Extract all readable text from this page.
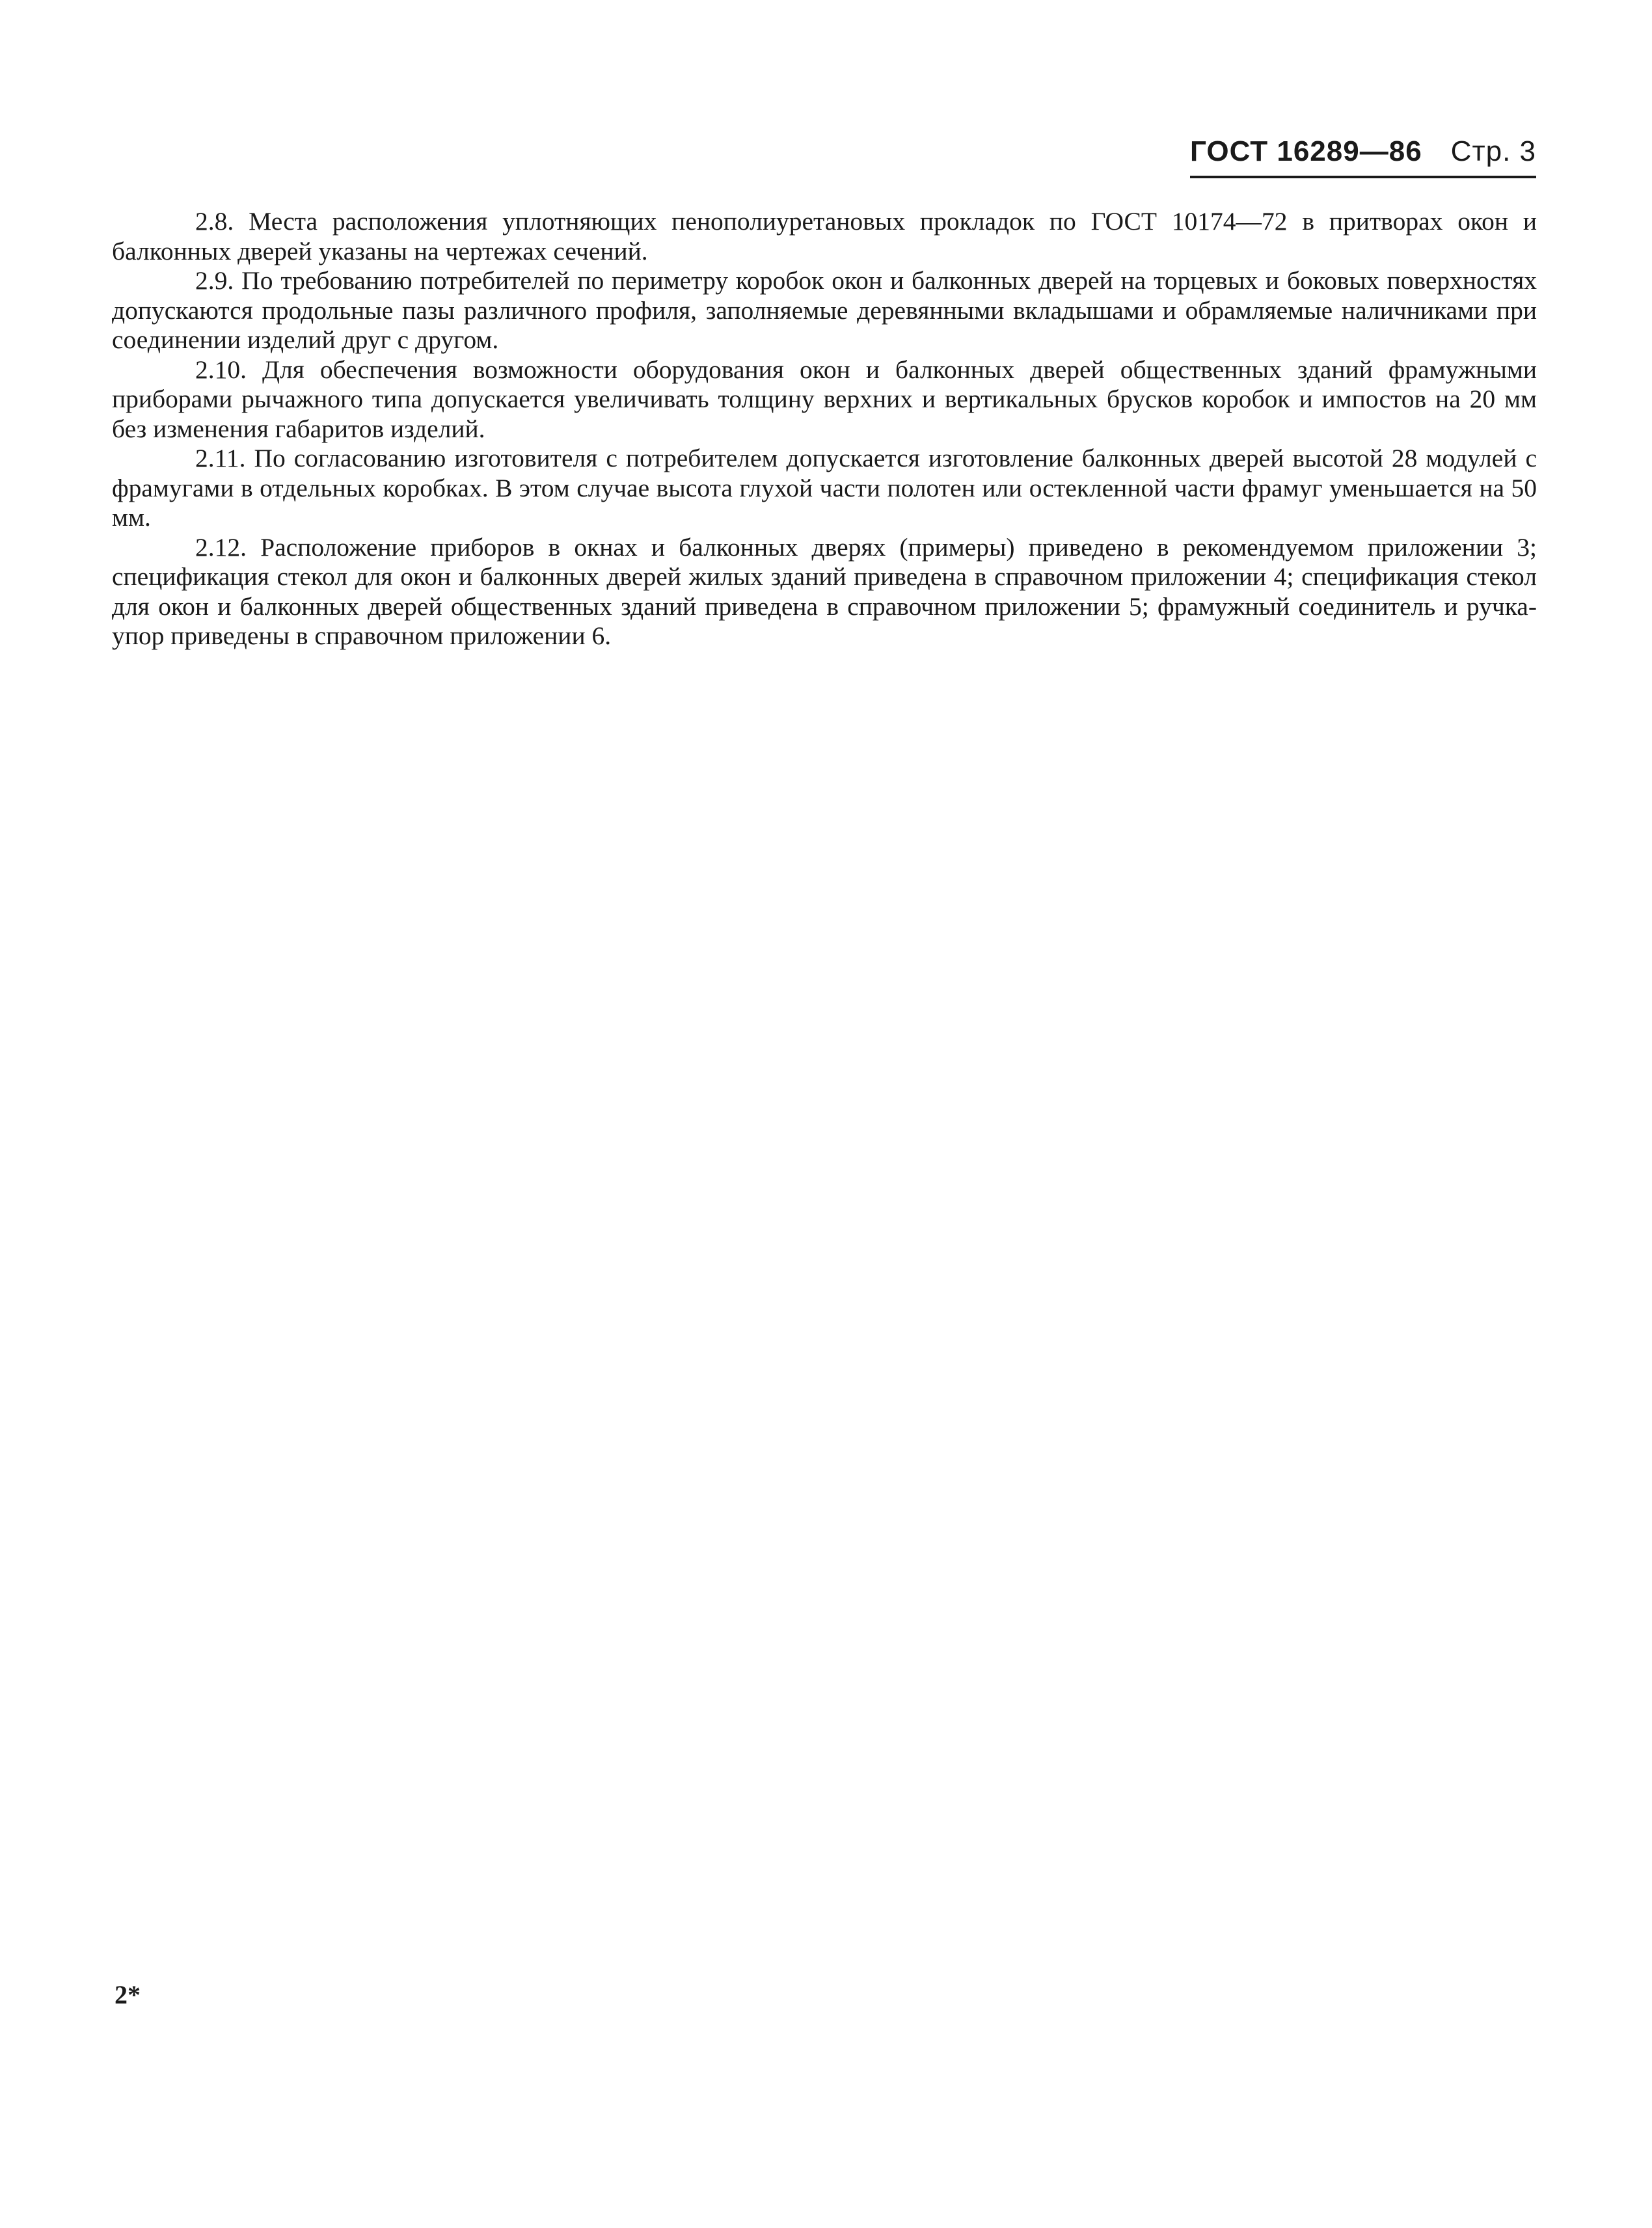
ГОСТ 16289—86 Стр. 3

2.8. Места расположения уплотняющих пенополиуретановых прокладок по ГОСТ 10174—72 в притворах окон и балконных дверей указаны на чертежах сечений.

2.9. По требованию потребителей по периметру коробок окон и балконных дверей на торцевых и боковых поверхностях допускаются продольные пазы различного профиля, заполняемые деревянными вкладышами и обрамляемые наличниками при соединении изделий друг с другом.

2.10. Для обеспечения возможности оборудования окон и балконных дверей общественных зданий фрамужными приборами рычажного типа допускается увеличивать толщину верхних и вертикальных брусков коробок и импостов на 20 мм без изменения габаритов изделий.

2.11. По согласованию изготовителя с потребителем допускается изготовление балконных дверей высотой 28 модулей с фрамугами в отдельных коробках. В этом случае высота глухой части полотен или остекленной части фрамуг уменьшается на 50 мм.

2.12. Расположение приборов в окнах и балконных дверях (примеры) приведено в рекомендуемом приложении 3; спецификация стекол для окон и балконных дверей жилых зданий приведена в справочном приложении 4; спецификация стекол для окон и балконных дверей общественных зданий приведена в справочном приложении 5; фрамужный соединитель и ручка-упор приведены в справочном приложении 6.

2*
